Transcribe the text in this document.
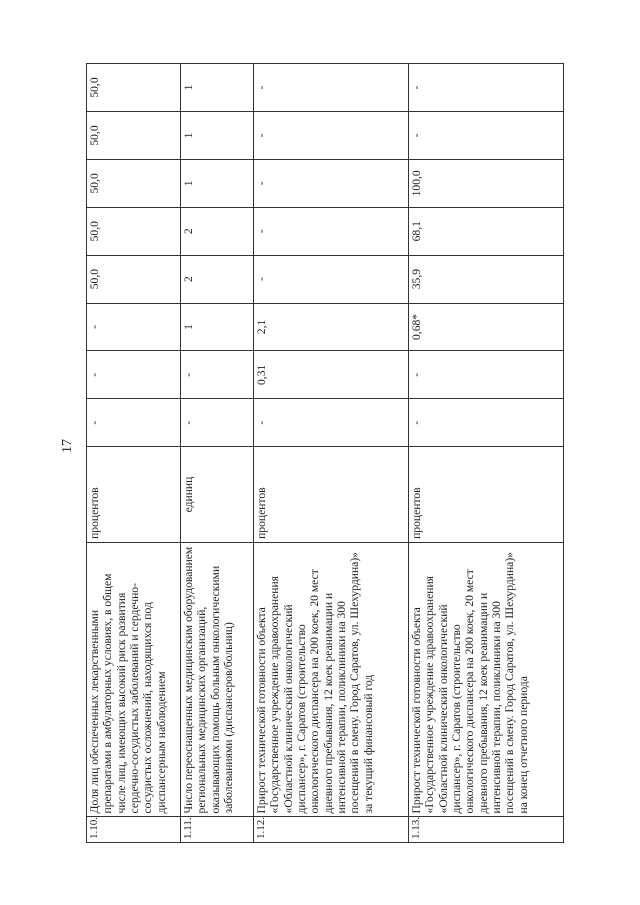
17
1.10.	Доля лиц обеспеченных лекарственными препаратами в амбулаторных условиях, в общем числе лиц, имеющих высокий риск развития сердечно-сосудистых заболеваний и сердечно-сосудистых осложнений, находящихся под диспансерным наблюдением	процентов	-	-	-	50,0	50,0	50,0	50,0	50,0
1.11.	Число переоснащенных медицинским оборудованием региональных медицинских организаций, оказывающих помощь больным онкологическими заболеваниями (диспансеров/больниц)	единиц	-	-	1	2	2	1	1	1
1.12.	Прирост технической готовности объекта «Государственное учреждение здравоохранения «Областной клинический онкологический диспансер», г. Саратов (строительство онкологического диспансера на 200 коек, 20 мест дневного пребывания, 12 коек реанимации и интенсивной терапии, поликлиники на 300 посещений в смену. Город Саратов, ул. Шехурдина)» за текущий финансовый год	процентов	-	0,31	2,1	-	-	-	-	-
1.13.	Прирост технической готовности объекта «Государственное учреждение здравоохранения «Областной клинический онкологический диспансер», г. Саратов (строительство онкологического диспансера на 200 коек, 20 мест дневного пребывания, 12 коек реанимации и интенсивной терапии, поликлиники на 300 посещений в смену. Город Саратов, ул. Шехурдина)» на конец отчетного периода	процентов	-	-	0,68*	35,9	68,1	100,0	-	-
